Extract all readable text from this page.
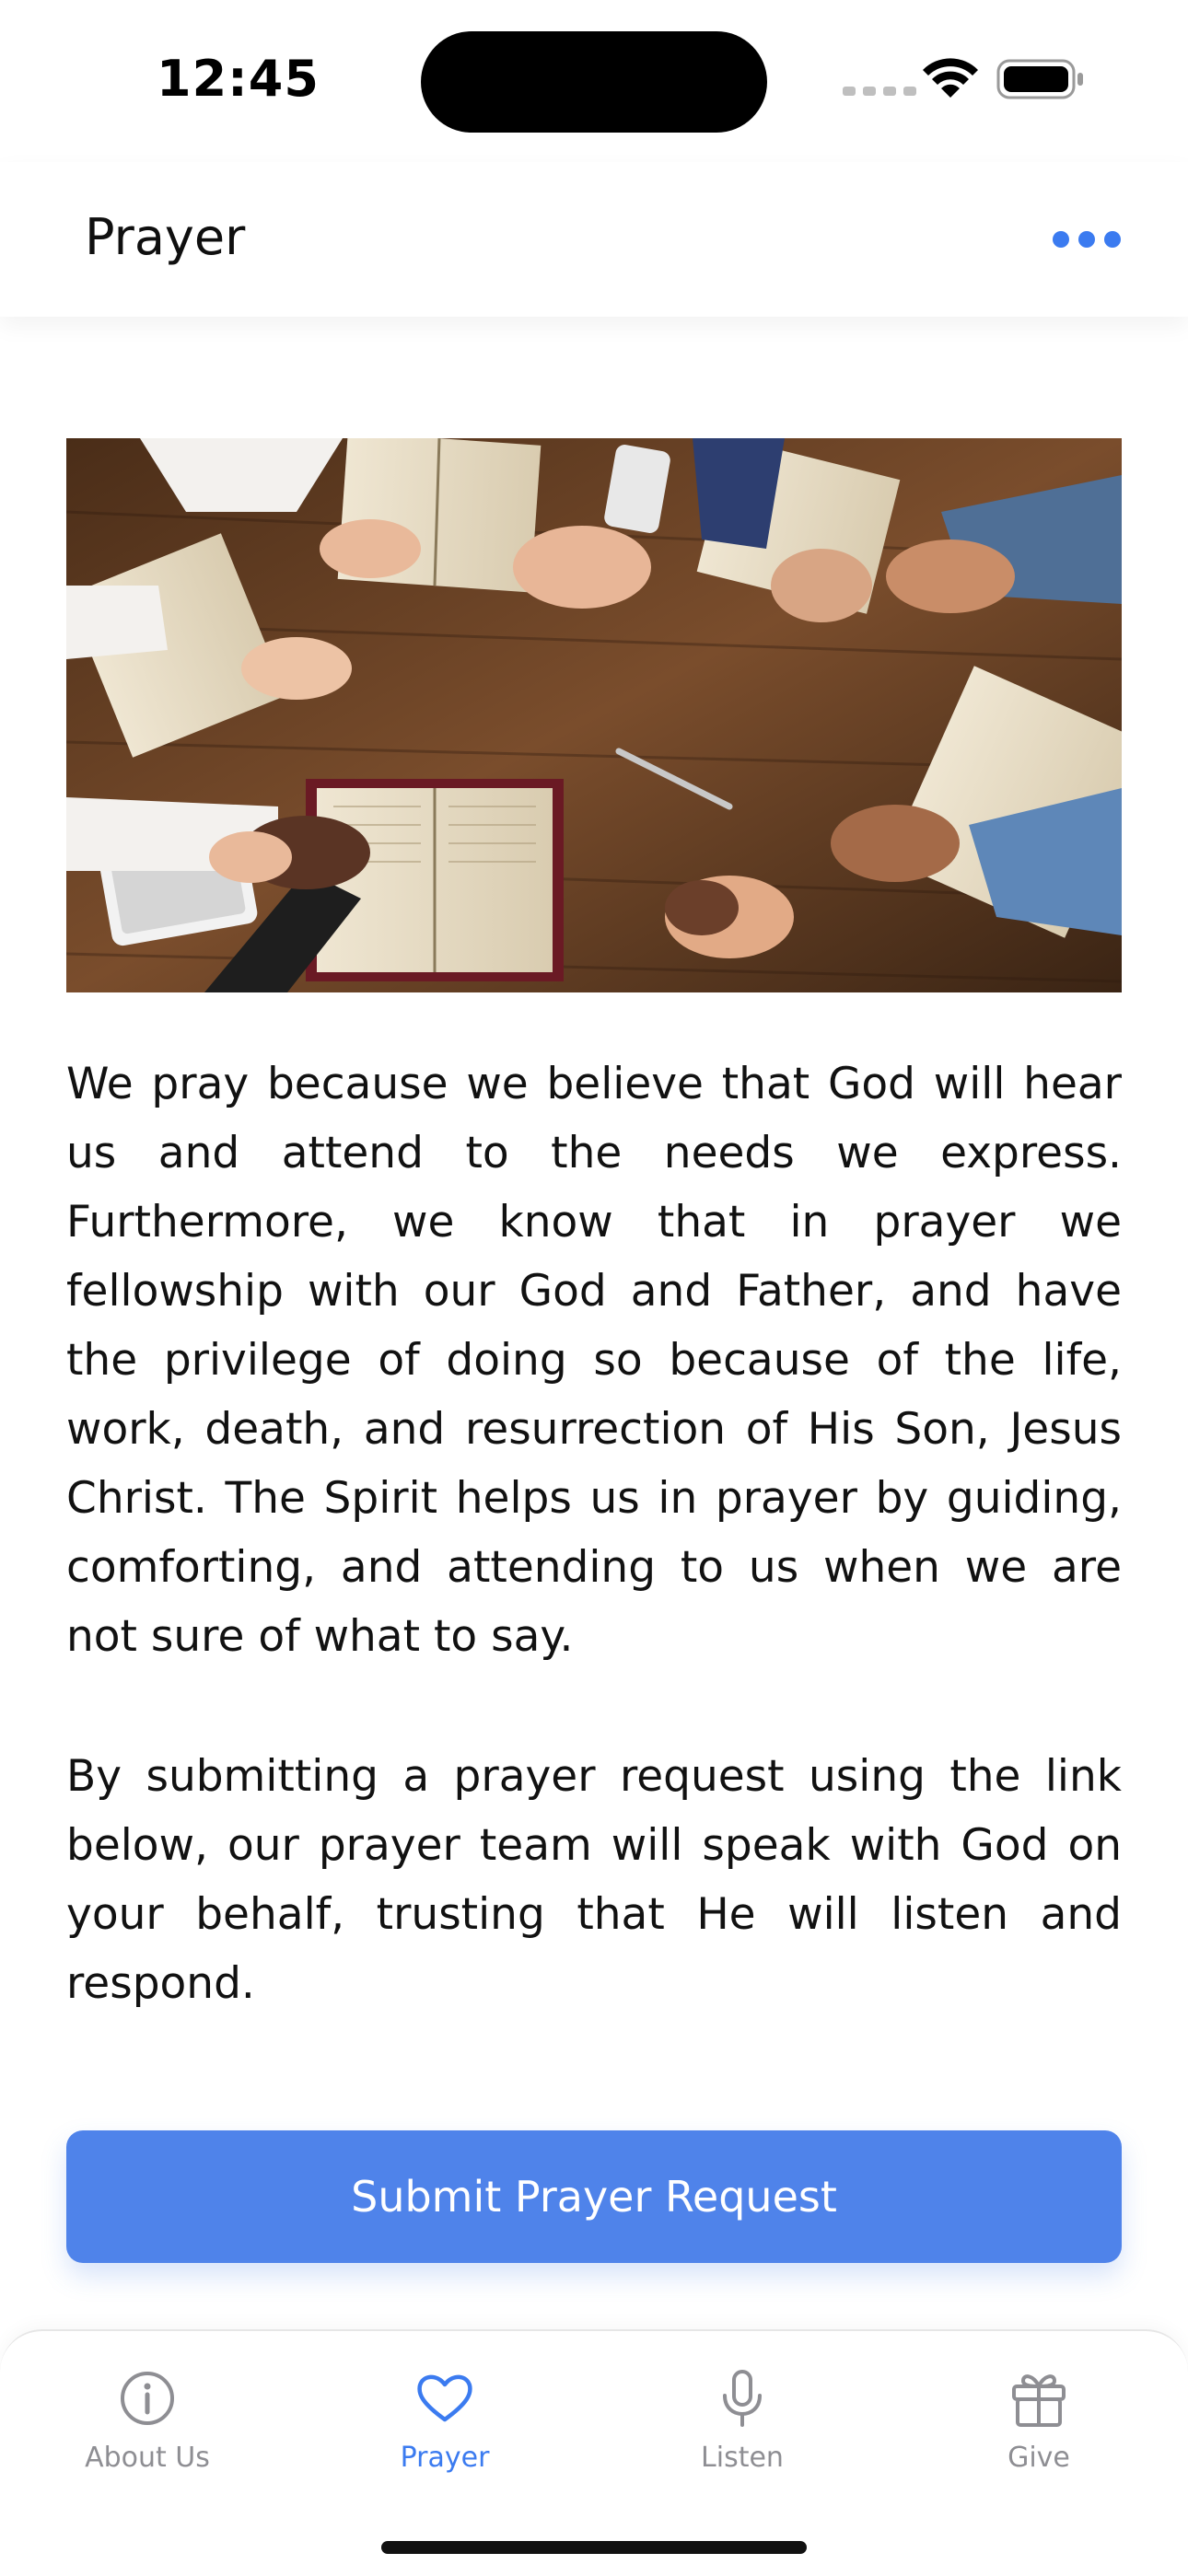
12:45
Prayer

We pray because we believe that God will hear us and attend to the needs we express. Furthermore, we know that in prayer we fellowship with our God and Father, and have the privilege of doing so because of the life, work, death, and resurrection of His Son, Jesus Christ. The Spirit helps us in prayer by guiding, comforting, and attending to us when we are not sure of what to say.

By submitting a prayer request using the link below, our prayer team will speak with God on your behalf, trusting that He will listen and respond.

Submit Prayer Request
About Us	Prayer	Listen	Give
